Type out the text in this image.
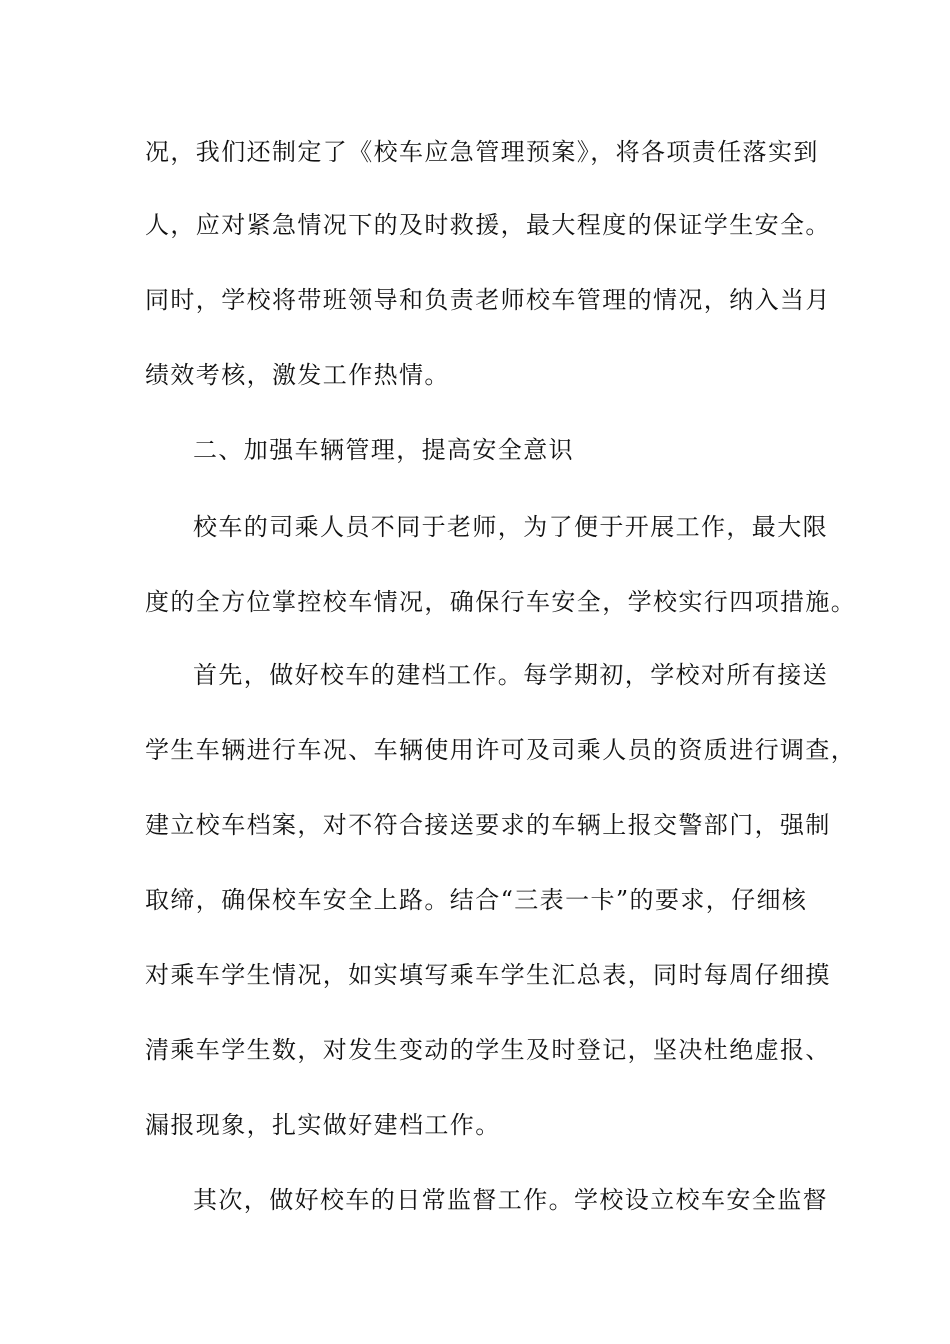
况，我们还制定了《校车应急管理预案》，将各项责任落实到
人，应对紧急情况下的及时救援，最大程度的保证学生安全。
同时，学校将带班领导和负责老师校车管理的情况，纳入当月
绩效考核，激发工作热情。
二、加强车辆管理，提高安全意识
校车的司乘人员不同于老师，为了便于开展工作，最大限
度的全方位掌控校车情况，确保行车安全，学校实行四项措施。
首先，做好校车的建档工作。每学期初，学校对所有接送
学生车辆进行车况、车辆使用许可及司乘人员的资质进行调查，
建立校车档案，对不符合接送要求的车辆上报交警部门，强制
取缔，确保校车安全上路。结合“三表一卡”的要求，仔细核
对乘车学生情况，如实填写乘车学生汇总表，同时每周仔细摸
清乘车学生数，对发生变动的学生及时登记，坚决杜绝虚报、
漏报现象，扎实做好建档工作。
其次，做好校车的日常监督工作。学校设立校车安全监督
